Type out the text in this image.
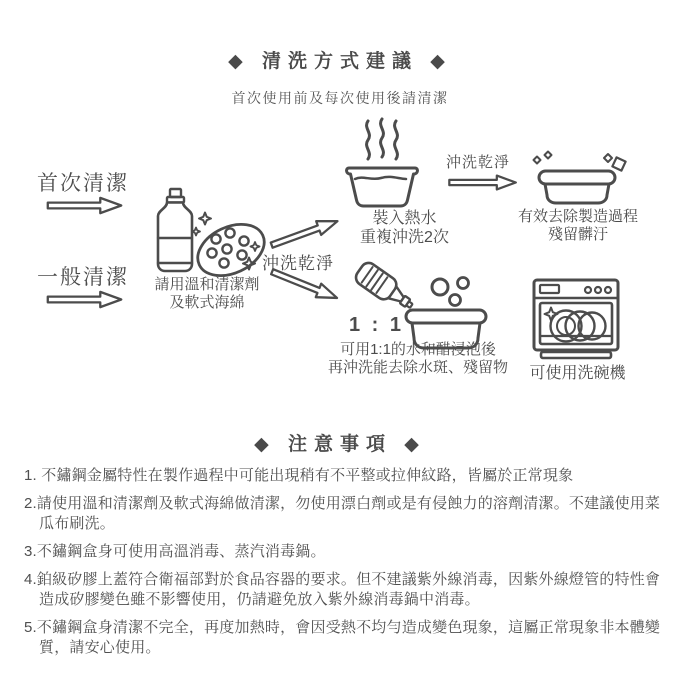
◆ 清洗方式建議 ◆
首次使用前及每次使用後請清潔
首次清潔
一般清潔	請用溫和清潔劑
及軟式海綿
沖洗乾淨
裝入熱水
重複沖洗2次
沖洗乾淨
有效去除製造過程
殘留髒汙
1 : 1
可用1:1的水和醋浸泡後
再沖洗能去除水斑、殘留物	可使用洗碗機
◆ 注意事項 ◆
1. 不鏽鋼金屬特性在製作過程中可能出現稍有不平整或拉伸紋路，皆屬於正常現象
2.請使用溫和清潔劑及軟式海綿做清潔，勿使用漂白劑或是有侵蝕力的溶劑清潔。不建議使用菜瓜布刷洗。
3.不鏽鋼盒身可使用高溫消毒、蒸汽消毒鍋。
4.鉑級矽膠上蓋符合衛福部對於食品容器的要求。但不建議紫外線消毒，因紫外線燈管的特性會造成矽膠變色雖不影響使用，仍請避免放入紫外線消毒鍋中消毒。
5.不鏽鋼盒身清潔不完全，再度加熱時，會因受熱不均勻造成變色現象，這屬正常現象非本體變質，請安心使用。
